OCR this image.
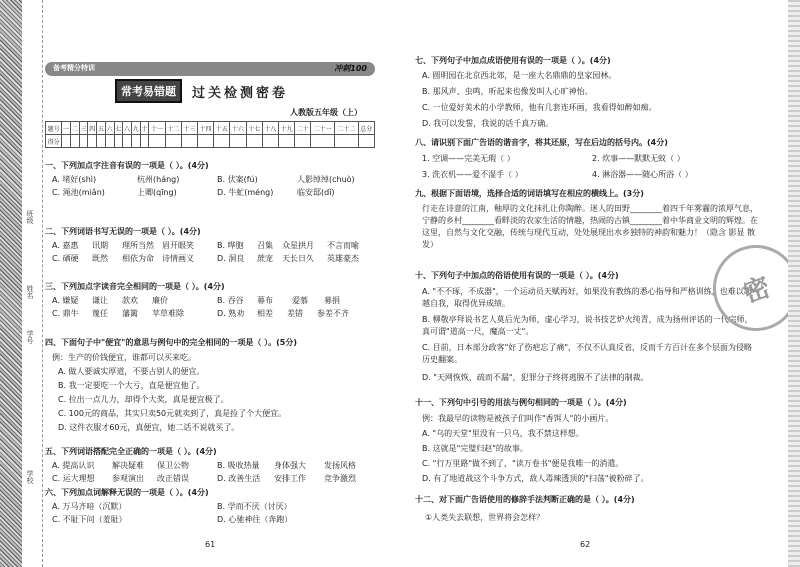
班级
姓名
学号
学校
备考精分特训	冲刺100
常考易错题	过关检测密卷
人教版五年级（上）
题号	一	二	三	四	五	六	七	八	九	十	十一	十二	十三	十四	十五	十六	十七	十八	十九	二十	二十一	二十二	总分
得分																							
一、下列加点字注音有误的一项是（ ）。(4分)
A. 堵好(shì)	杭州(háng)	B. 伏案(fú)	人影绰绰(chuò)
C. 渑池(miǎn)	上卿(qīng)	D. 牛虻(méng)	临安邸(dǐ)
二、下列词语书写无误的一项是（ ）。(4分)
A. 嘉惠 讯期 理所当然 眉开眼笑	B. 哗胞 召集 众星拱月 不言而喻
C. 硒硬 既然 相依为命 诗情画义	D. 洞良 蔗宠 天长日久 英雄豪杰
三、下列加点字读音完全相同的一项是（ ）。(4分)
A. 嫌疑 谦让 款欢 廉价	B. 吞谷 幕布 爱慕 募捐
C. 鼎牛 蔑任 藩篱 苹草难除	D. 熟劝 相差 差错 参差不齐
四、下面句子中"便宜"的意思与例句中的完全相同的一项是（ ）。(5分)
例：生产的价钱便宜，谁都可以买来吃。
A. 做人要诚实厚道，不要占别人的便宜。
B. 我一定要吃一个大亏，直是便宜他了。
C. 拉出一点儿力，却得个大奖，真是便宜极了。
C. 100元的商品，其实只卖50元就卖到了，真是捡了个大便宜。
D. 这件衣服才60元，真便宜，她二话不说就买了。
五、下列词语搭配完全正确的一项是（ ）。(4分)
A. 提高认识 解决疑难 保卫公物	B. 吸收热量 身体强大 发扬风格
C. 运大理想 参观演出 改正错误	D. 改善生活 安排工作 竞争激烈
六、下列加点词解释无误的一项是（ ）。(4分)
A. 万马齐喑（沉默）	B. 学而不厌（讨厌）
C. 不耻下问（羞耻）	D. 心驰神往（奔跑）
61
七、下列句子中加点成语使用有误的一项是（ ）。(4分)
A. 圆明园在北京西北郊，是一座大名鼎鼎的皇家园林。
B. 那风声、虫鸣，听起来也像发叫人心旷神怡。
C. 一位爱好美术的小学教师，他有几套连环画，我看得如醉如痴。
D. 我可以发誓，我说的话千真万确。
八、请识别下面广告语的谐音字，将其还原，写在后边的括号内。(4分)
1. 空调——完美无瑕（ ）	2. 炊事——默默无蚊（ ）
3. 洗衣机——爱不湿手（ ）	4. 淋浴器——随心所浴（ ）
九、根据下面语境，选择合适的词语填写在相应的横线上。(3分)
行走在诗意的江南，釉厚的文化抹扎让你陶醉。迷人的田野________着四千年雾霾的浓厚气息，宁静的乡村________看畔淡的农家生活的情趣，热闹的古镇________着中华商业文明的辉煌。在这里，自然与文化交融，传统与现代互动，处处展现出水乡独特的神韵和魅力！（隐含 影显 散发）
十、下列句子中加点的俗语使用有误的一项是（ ）。(4分)
A. "不不琢，不成器"，一个运动员天赋再好，如果没有教练的悉心指导和严格训练，也难以超越自我，取得优异成绩。
B. 柳敬亭拜说书艺人莫后光为师，虚心学习，说书技艺炉火纯青，成为扬州评话的一代宗师，真可谓"道高一尺，魔高一丈"。
C. 目前，日本部分政客"好了伤疤忘了痛"，不仅不认真反省，反而千方百计在多个层面为侵略历史翻案。
D. "天网恢恢，疏而不漏"，犯罪分子终将逃脱不了法律的制裁。
十一、下列句中引号的用法与例句相同的一项是（ ）。(4分)
例：我最早的读物是被孩子们叫作"香饵人"的小画片。
A. "乌的天堂"里没有一只乌，我不禁这样想。
B. 这就是"完璧归赵"的故事。
C. "行万里路"做不到了，"读万卷书"便是我唯一的消遣。
D. 有了地道战这个斗争方式，敌人毒辣透顶的"扫荡"被粉碎了。
十二、对下面广告语使用的修辞手法判断正确的是（ ）。(4分)
①人类失去联想，世界将会怎样？
62
密
